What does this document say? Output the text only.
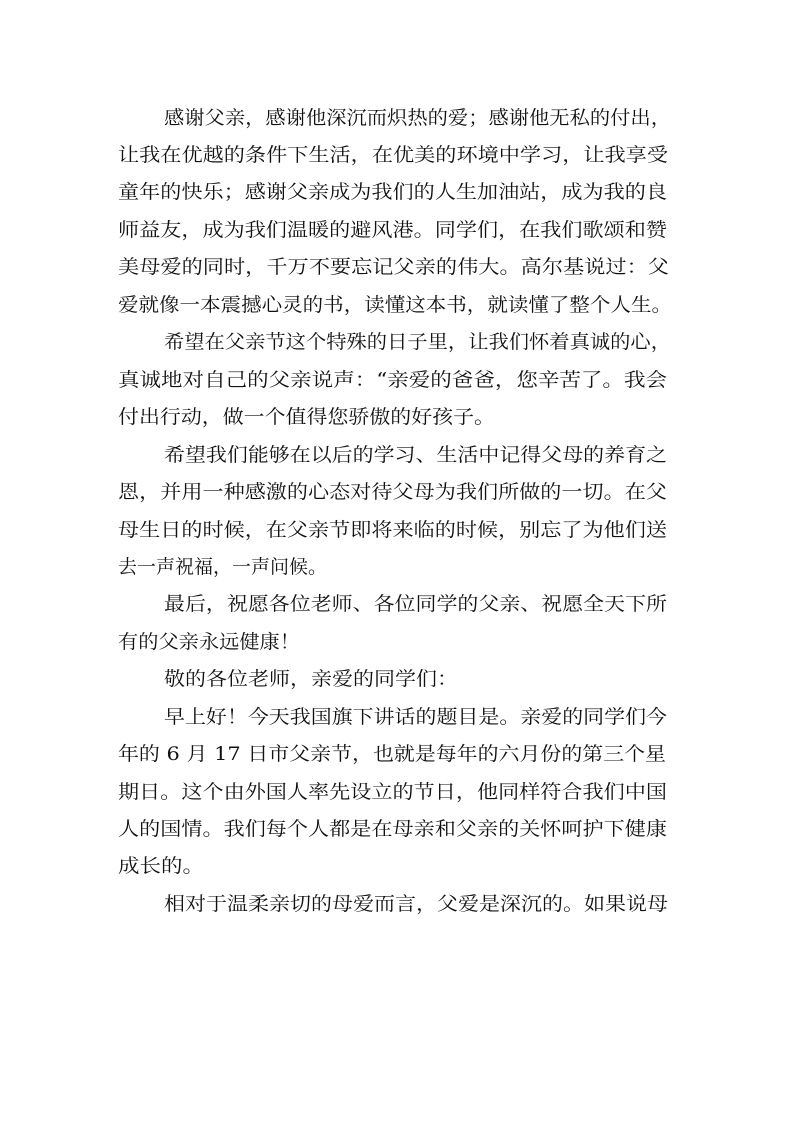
感谢父亲，感谢他深沉而炽热的爱；感谢他无私的付出，
让我在优越的条件下生活，在优美的环境中学习，让我享受
童年的快乐；感谢父亲成为我们的人生加油站，成为我的良
师益友，成为我们温暖的避风港。同学们，在我们歌颂和赞
美母爱的同时，千万不要忘记父亲的伟大。高尔基说过：父
爱就像一本震撼心灵的书，读懂这本书，就读懂了整个人生。
希望在父亲节这个特殊的日子里，让我们怀着真诚的心，
真诚地对自己的父亲说声：“亲爱的爸爸，您辛苦了。我会
付出行动，做一个值得您骄傲的好孩子。
希望我们能够在以后的学习、生活中记得父母的养育之
恩，并用一种感激的心态对待父母为我们所做的一切。在父
母生日的时候，在父亲节即将来临的时候，别忘了为他们送
去一声祝福，一声问候。
最后，祝愿各位老师、各位同学的父亲、祝愿全天下所
有的父亲永远健康！
敬的各位老师，亲爱的同学们：
早上好！今天我国旗下讲话的题目是。亲爱的同学们今
年的 6 月 17 日市父亲节，也就是每年的六月份的第三个星
期日。这个由外国人率先设立的节日，他同样符合我们中国
人的国情。我们每个人都是在母亲和父亲的关怀呵护下健康
成长的。
相对于温柔亲切的母爱而言，父爱是深沉的。如果说母
